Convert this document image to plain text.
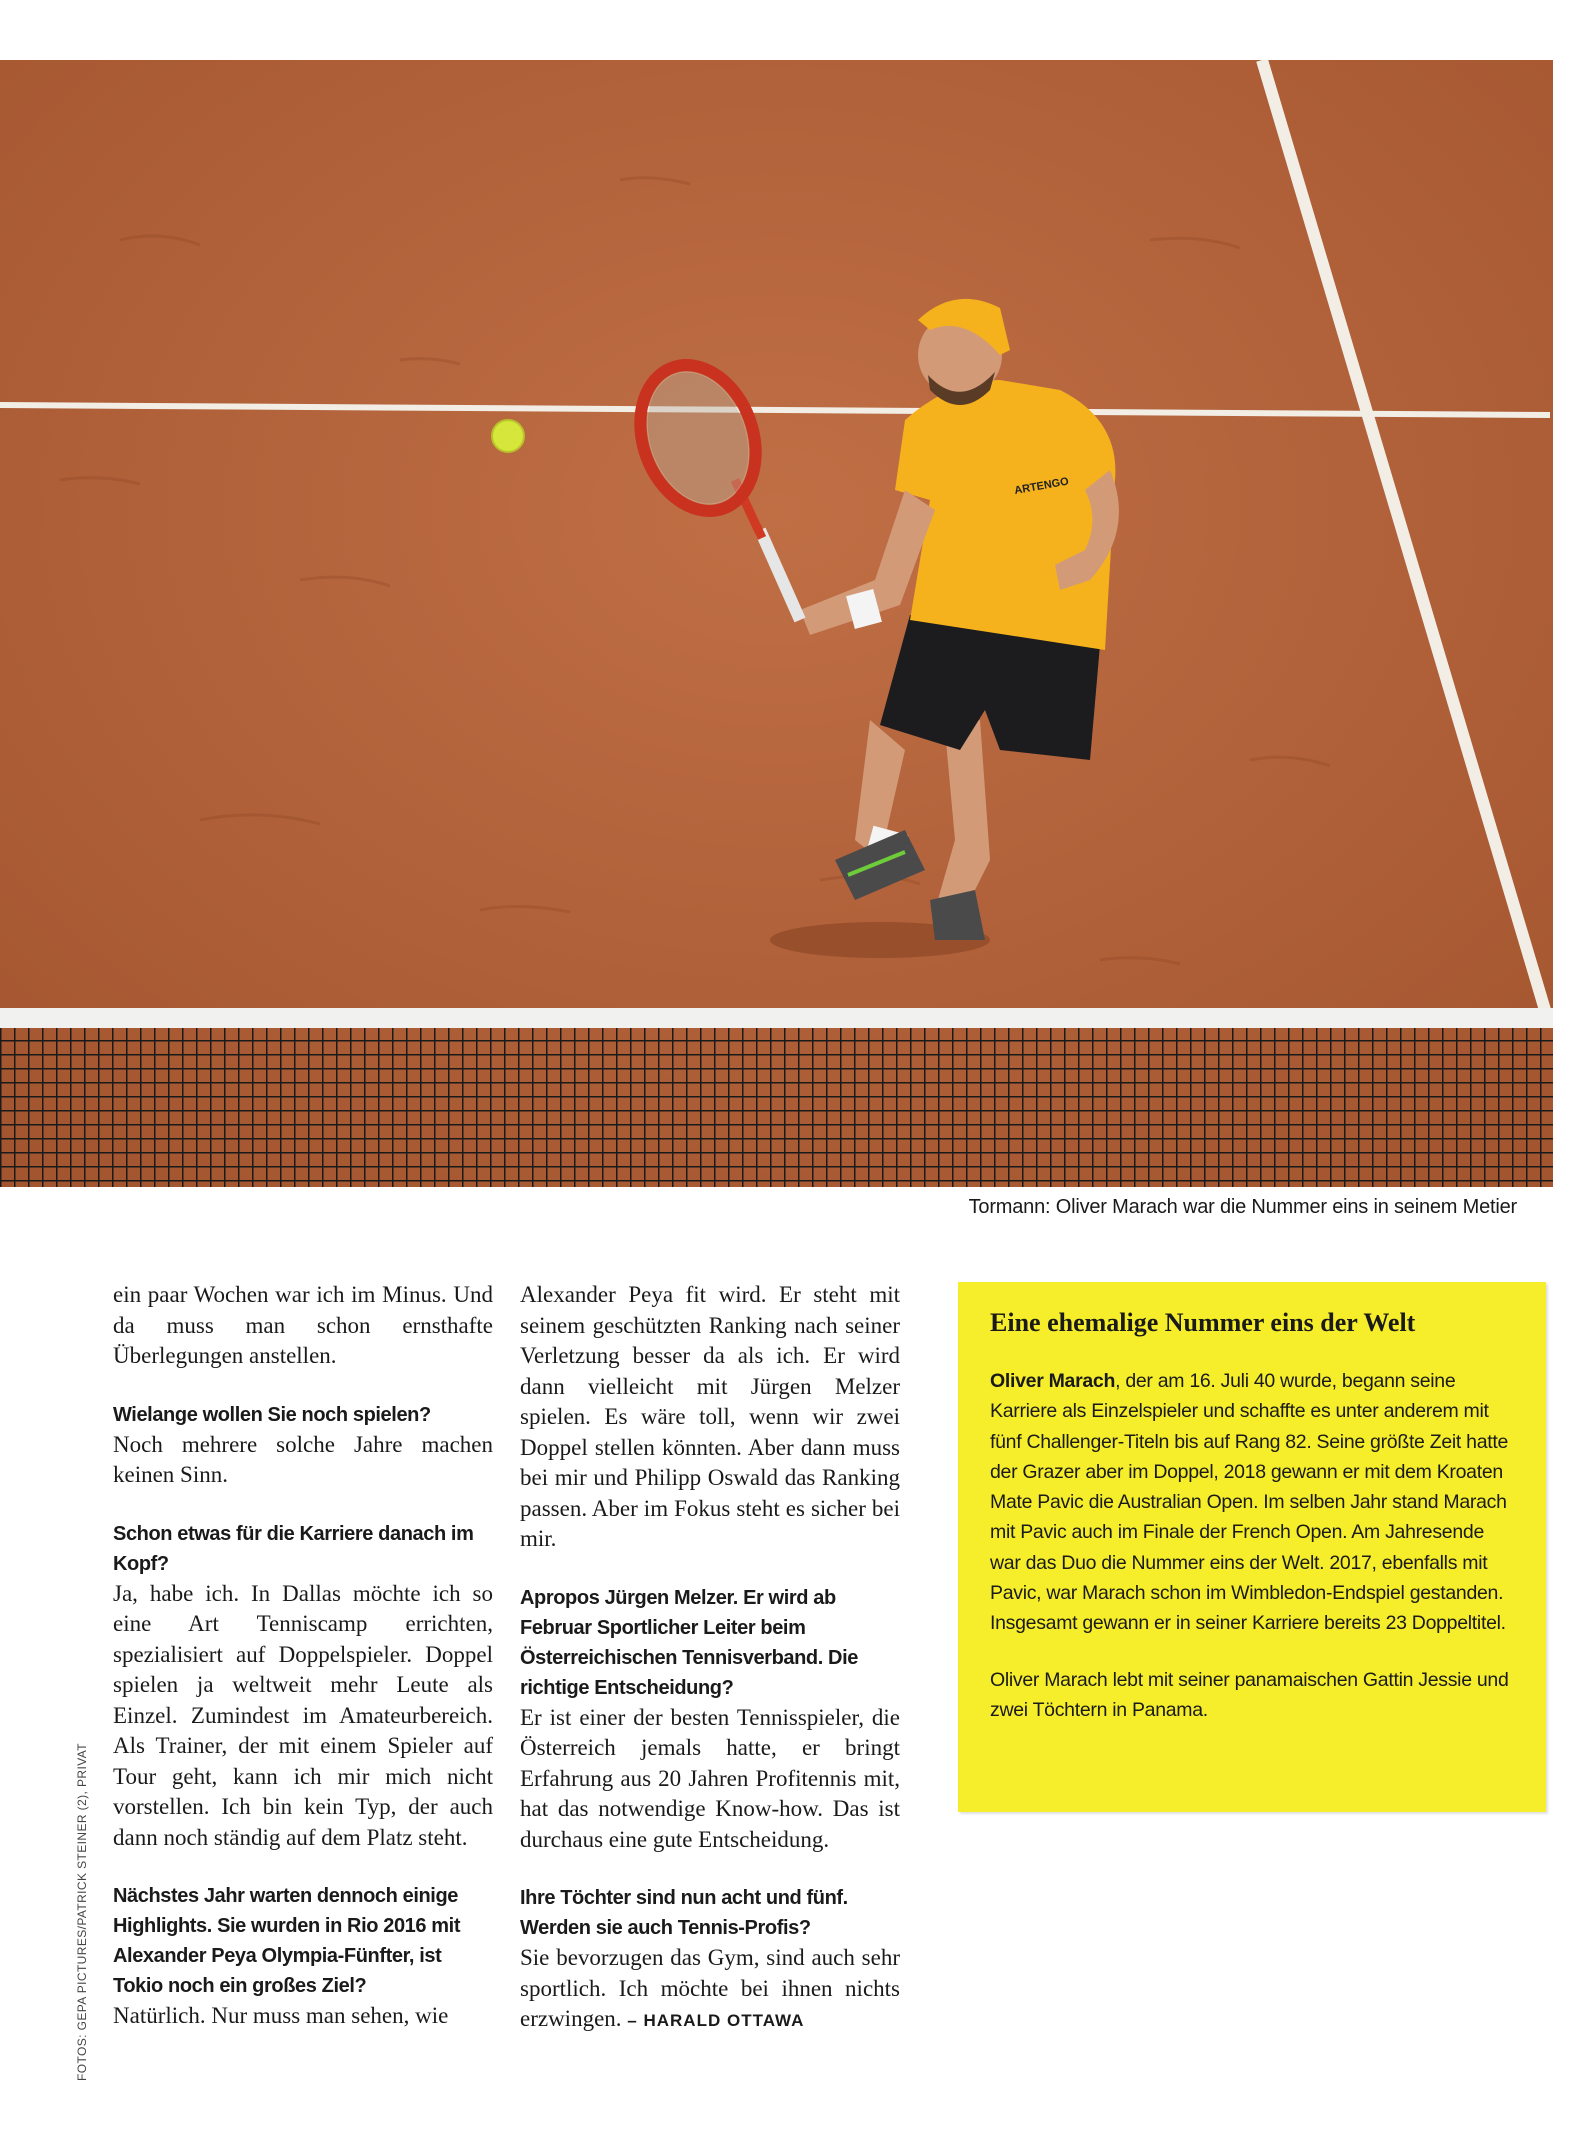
ARTENGO
Tormann: Oliver Marach war die Nummer eins in seinem Metier
FOTOS: GEPA PICTURES/PATRICK STEINER (2), PRIVAT

ein paar Wochen war ich im Minus. Und da muss man schon ernsthafte Überlegungen anstellen.

Wielange wollen Sie noch spielen?

Noch mehrere solche Jahre machen keinen Sinn.

Schon etwas für die Karriere danach im Kopf?

Ja, habe ich. In Dallas möchte ich so eine Art Tenniscamp errichten, spezialisiert auf Doppelspieler. Doppel spielen ja weltweit mehr Leute als Einzel. Zumindest im Amateurbereich. Als Trainer, der mit einem Spieler auf Tour geht, kann ich mir mich nicht vorstellen. Ich bin kein Typ, der auch dann noch ständig auf dem Platz steht.

Nächstes Jahr warten dennoch einige Highlights. Sie wurden in Rio 2016 mit Alexander Peya Olympia-Fünfter, ist Tokio noch ein großes Ziel?

Natürlich. Nur muss man sehen, wie

Alexander Peya fit wird. Er steht mit seinem geschützten Ranking nach seiner Verletzung besser da als ich. Er wird dann vielleicht mit Jürgen Melzer spielen. Es wäre toll, wenn wir zwei Doppel stellen könnten. Aber dann muss bei mir und Philipp Oswald das Ranking passen. Aber im Fokus steht es sicher bei mir.

Apropos Jürgen Melzer. Er wird ab Februar Sportlicher Leiter beim Österreichischen Tennisverband. Die richtige Entscheidung?

Er ist einer der besten Tennisspieler, die Österreich jemals hatte, er bringt Erfahrung aus 20 Jahren Profitennis mit, hat das notwendige Know-how. Das ist durchaus eine gute Entscheidung.

Ihre Töchter sind nun acht und fünf. Werden sie auch Tennis-Profis?

Sie bevorzugen das Gym, sind auch sehr sportlich. Ich möchte bei ihnen nichts erzwingen. – HARALD OTTAWA

Eine ehemalige Nummer eins der Welt

Oliver Marach, der am 16. Juli 40 wurde, begann seine Karriere als Einzelspieler und schaffte es unter anderem mit fünf Challenger-Titeln bis auf Rang 82. Seine größte Zeit hatte der Grazer aber im Doppel, 2018 gewann er mit dem Kroaten Mate Pavic die Australian Open. Im selben Jahr stand Marach mit Pavic auch im Finale der French Open. Am Jahresende war das Duo die Nummer eins der Welt. 2017, ebenfalls mit Pavic, war Marach schon im Wimbledon-Endspiel gestanden. Insgesamt gewann er in seiner Karriere bereits 23 Doppeltitel.

Oliver Marach lebt mit seiner panamaischen Gattin Jessie und zwei Töchtern in Panama.
